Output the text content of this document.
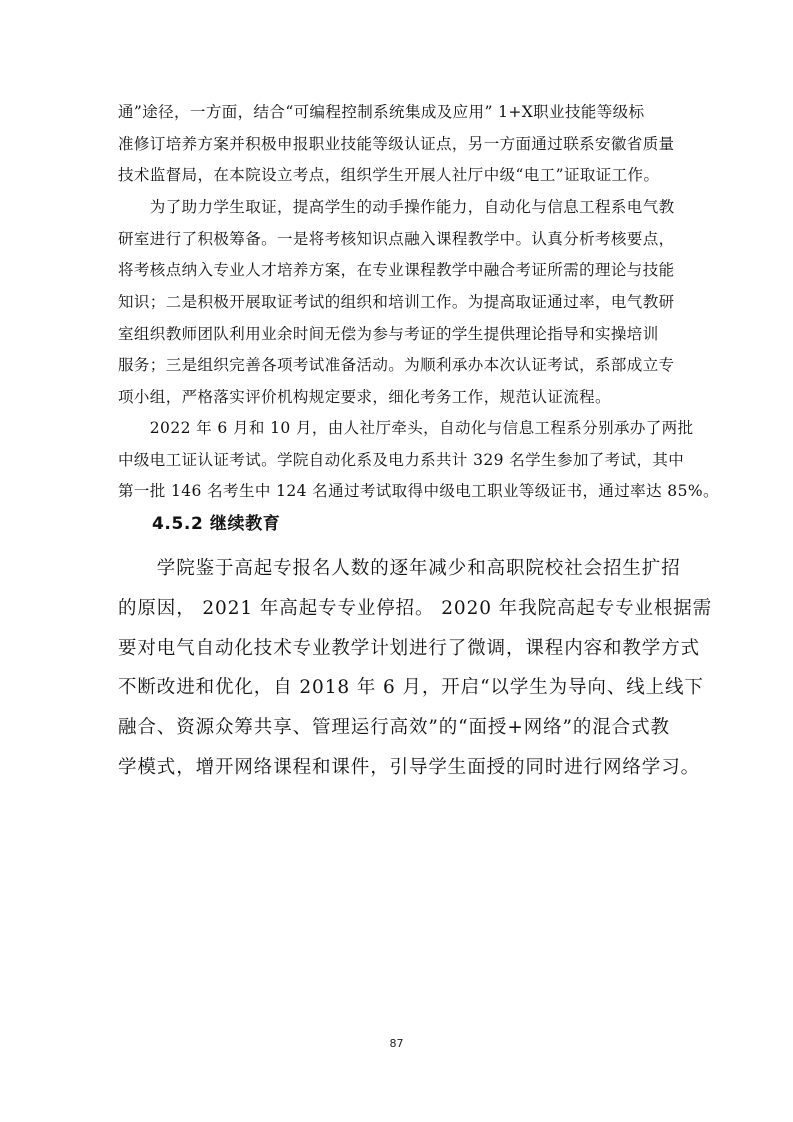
通”途径，一方面，结合“可编程控制系统集成及应用” 1+X职业技能等级标
准修订培养方案并积极申报职业技能等级认证点，另一方面通过联系安徽省质量
技术监督局，在本院设立考点，组织学生开展人社厅中级“电工”证取证工作。
　　为了助力学生取证，提高学生的动手操作能力，自动化与信息工程系电气教
研室进行了积极筹备。一是将考核知识点融入课程教学中。认真分析考核要点，
将考核点纳入专业人才培养方案，在专业课程教学中融合考证所需的理论与技能
知识；二是积极开展取证考试的组织和培训工作。为提高取证通过率，电气教研
室组织教师团队利用业余时间无偿为参与考证的学生提供理论指导和实操培训
服务；三是组织完善各项考试准备活动。为顺利承办本次认证考试，系部成立专
项小组，严格落实评价机构规定要求，细化考务工作，规范认证流程。
　　2022 年 6 月和 10 月，由人社厅牵头，自动化与信息工程系分别承办了两批
中级电工证认证考试。学院自动化系及电力系共计 329 名学生参加了考试，其中
第一批 146 名考生中 124 名通过考试取得中级电工职业等级证书，通过率达 85%。
4.5.2 继续教育
　　学院鉴于高起专报名人数的逐年减少和高职院校社会招生扩招
的原因， 2021 年高起专专业停招。 2020 年我院高起专专业根据需
要对电气自动化技术专业教学计划进行了微调，课程内容和教学方式
不断改进和优化，自 2018 年 6 月，开启“以学生为导向、线上线下
融合、资源众筹共享、管理运行高效”的“面授+网络”的混合式教
学模式，增开网络课程和课件，引导学生面授的同时进行网络学习。
87
